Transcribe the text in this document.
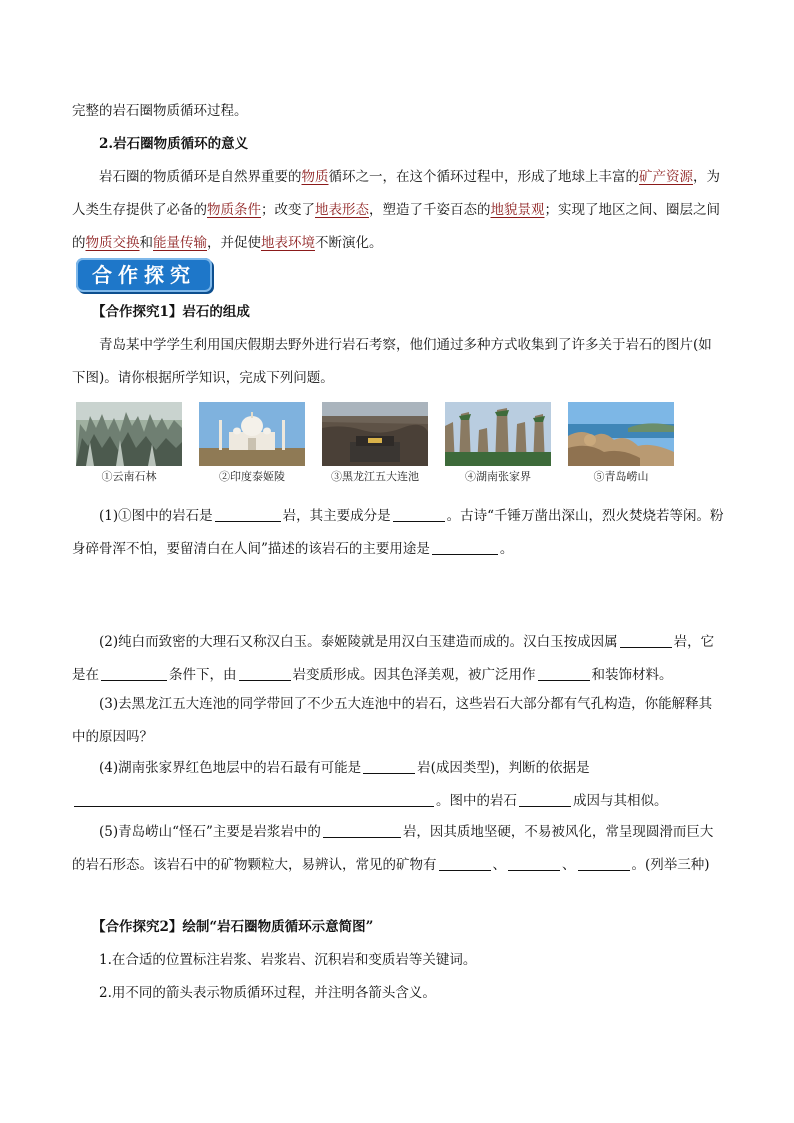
完整的岩石圈物质循环过程。

2.岩石圈物质循环的意义

岩石圈的物质循环是自然界重要的物质循环之一，在这个循环过程中，形成了地球上丰富的矿产资源，为人类生存提供了必备的物质条件；改变了地表形态，塑造了千姿百态的地貌景观；实现了地区之间、圈层之间的物质交换和能量传输，并促使地表环境不断演化。

合作探究

【合作探究1】岩石的组成

青岛某中学学生利用国庆假期去野外进行岩石考察，他们通过多种方式收集到了许多关于岩石的图片(如下图)。请你根据所学知识，完成下列问题。

①云南石林	②印度泰姬陵	③黑龙江五大连池	④湖南张家界	⑤青岛崂山

(1)①图中的岩石是	岩，其主要成分是	。古诗“千锤万凿出深山，烈火焚烧若等闲。粉身碎骨浑不怕，要留清白在人间”描述的该岩石的主要用途是	。

(2)纯白而致密的大理石又称汉白玉。泰姬陵就是用汉白玉建造而成的。汉白玉按成因属	岩，它是在	条件下，由	岩变质形成。因其色泽美观，被广泛用作	和装饰材料。

(3)去黑龙江五大连池的同学带回了不少五大连池中的岩石，这些岩石大部分都有气孔构造，你能解释其中的原因吗？

(4)湖南张家界红色地层中的岩石最有可能是	岩(成因类型)，判断的依据是。图中的岩石	成因与其相似。

(5)青岛崂山“怪石”主要是岩浆岩中的	岩，因其质地坚硬，不易被风化，常呈现圆滑而巨大的岩石形态。该岩石中的矿物颗粒大，易辨认，常见的矿物有	、	、	。(列举三种)

【合作探究2】绘制“岩石圈物质循环示意简图”

1.在合适的位置标注岩浆、岩浆岩、沉积岩和变质岩等关键词。

2.用不同的箭头表示物质循环过程，并注明各箭头含义。
